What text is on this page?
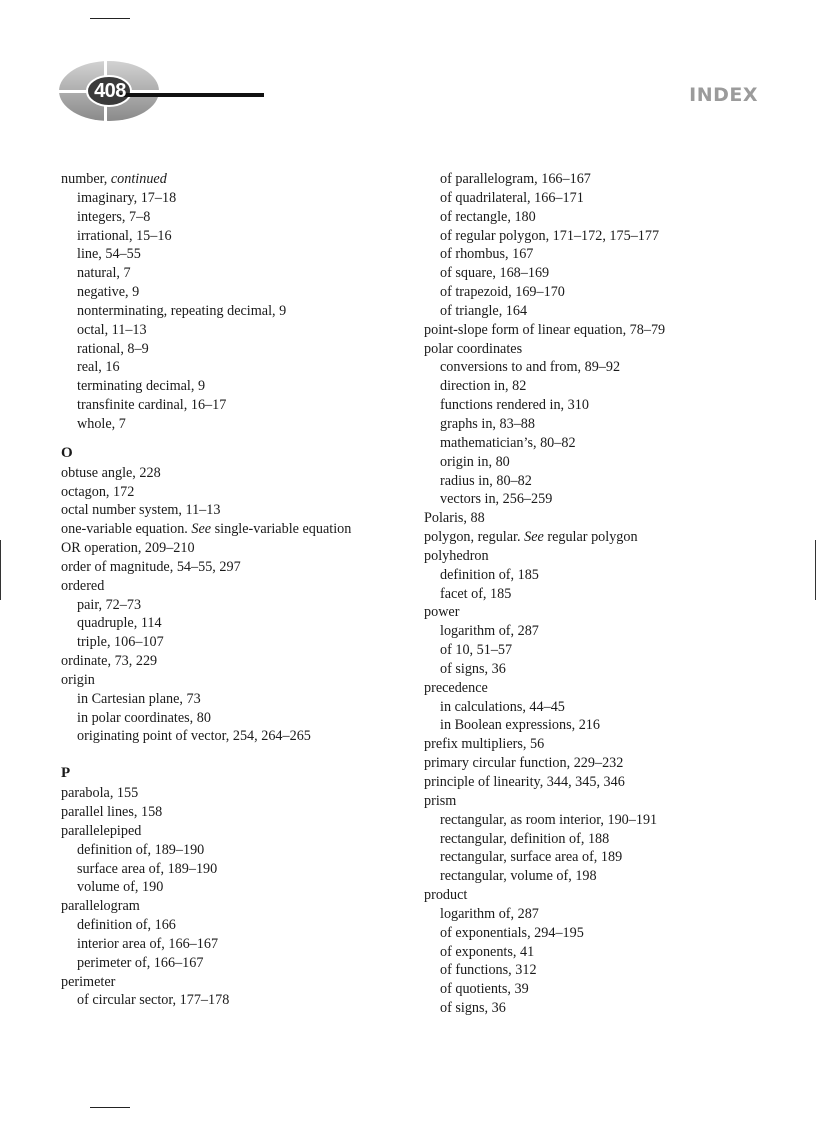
408	INDEX
number, continued
imaginary, 17–18
integers, 7–8
irrational, 15–16
line, 54–55
natural, 7
negative, 9
nonterminating, repeating decimal, 9
octal, 11–13
rational, 8–9
real, 16
terminating decimal, 9
transfinite cardinal, 16–17
whole, 7
O
obtuse angle, 228
octagon, 172
octal number system, 11–13
one-variable equation. See single-variable equation
OR operation, 209–210
order of magnitude, 54–55, 297
ordered
pair, 72–73
quadruple, 114
triple, 106–107
ordinate, 73, 229
origin
in Cartesian plane, 73
in polar coordinates, 80
originating point of vector, 254, 264–265
P
parabola, 155
parallel lines, 158
parallelepiped
definition of, 189–190
surface area of, 189–190
volume of, 190
parallelogram
definition of, 166
interior area of, 166–167
perimeter of, 166–167
perimeter
of circular sector, 177–178
of parallelogram, 166–167
of quadrilateral, 166–171
of rectangle, 180
of regular polygon, 171–172, 175–177
of rhombus, 167
of square, 168–169
of trapezoid, 169–170
of triangle, 164
point-slope form of linear equation, 78–79
polar coordinates
conversions to and from, 89–92
direction in, 82
functions rendered in, 310
graphs in, 83–88
mathematician’s, 80–82
origin in, 80
radius in, 80–82
vectors in, 256–259
Polaris, 88
polygon, regular. See regular polygon
polyhedron
definition of, 185
facet of, 185
power
logarithm of, 287
of 10, 51–57
of signs, 36
precedence
in calculations, 44–45
in Boolean expressions, 216
prefix multipliers, 56
primary circular function, 229–232
principle of linearity, 344, 345, 346
prism
rectangular, as room interior, 190–191
rectangular, definition of, 188
rectangular, surface area of, 189
rectangular, volume of, 198
product
logarithm of, 287
of exponentials, 294–195
of exponents, 41
of functions, 312
of quotients, 39
of signs, 36
